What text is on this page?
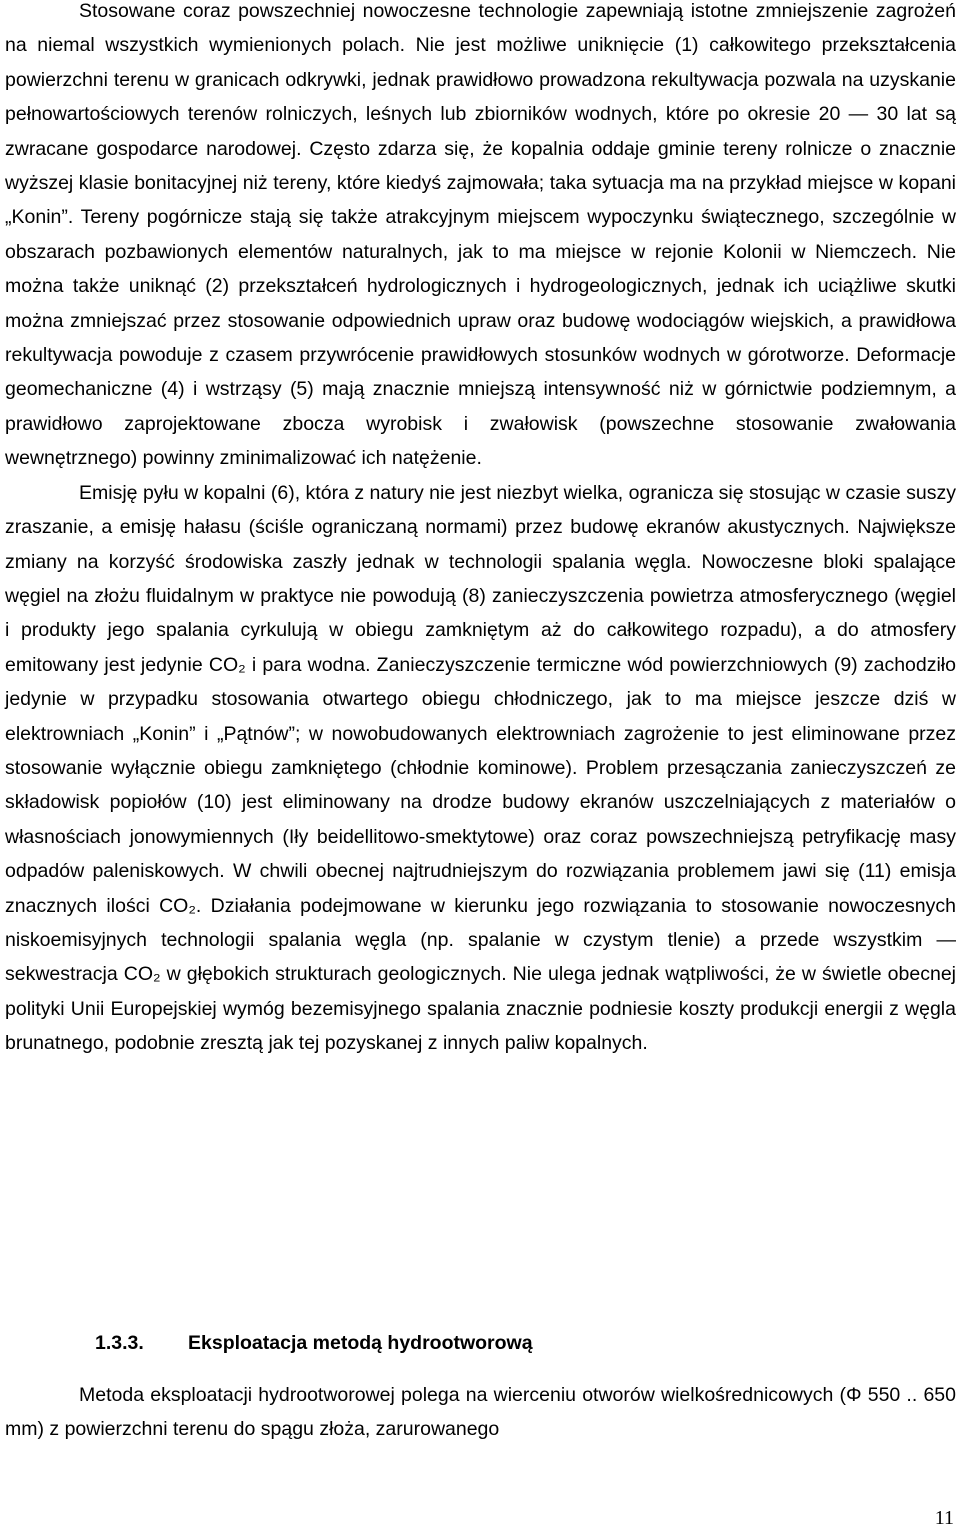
Stosowane coraz powszechniej nowoczesne technologie zapewniają istotne zmniejszenie zagrożeń na niemal wszystkich wymienionych polach. Nie jest możliwe uniknięcie (1) całkowitego przekształcenia powierzchni terenu w granicach odkrywki, jednak prawidłowo prowadzona rekultywacja pozwala na uzyskanie pełnowartościowych terenów rolniczych, leśnych lub zbiorników wodnych, które po okresie 20 — 30 lat są zwracane gospodarce narodowej. Często zdarza się, że kopalnia oddaje gminie tereny rolnicze o znacznie wyższej klasie bonitacyjnej niż tereny, które kiedyś zajmowała; taka sytuacja ma na przykład miejsce w kopani „Konin”. Tereny pogórnicze stają się także atrakcyjnym miejscem wypoczynku świątecznego, szczególnie w obszarach pozbawionych elementów naturalnych, jak to ma miejsce w rejonie Kolonii w Niemczech. Nie można także uniknąć (2) przekształceń hydrologicznych i hydrogeologicznych, jednak ich uciążliwe skutki można zmniejszać przez stosowanie odpowiednich upraw oraz budowę wodociągów wiejskich, a prawidłowa rekultywacja powoduje z czasem przywrócenie prawidłowych stosunków wodnych w górotworze. Deformacje geomechaniczne (4) i wstrząsy (5) mają znacznie mniejszą intensywność niż w górnictwie podziemnym, a prawidłowo zaprojektowane zbocza wyrobisk i zwałowisk (powszechne stosowanie zwałowania wewnętrznego) powinny zminimalizować ich natężenie.

Emisję pyłu w kopalni (6), która z natury nie jest niezbyt wielka, ogranicza się stosując w czasie suszy zraszanie, a emisję hałasu (ściśle ograniczaną normami) przez budowę ekranów akustycznych. Największe zmiany na korzyść środowiska zaszły jednak w technologii spalania węgla. Nowoczesne bloki spalające węgiel na złożu fluidalnym w praktyce nie powodują (8) zanieczyszczenia powietrza atmosferycznego (węgiel i produkty jego spalania cyrkulują w obiegu zamkniętym aż do całkowitego rozpadu), a do atmosfery emitowany jest jedynie CO₂ i para wodna. Zanieczyszczenie termiczne wód powierzchniowych (9) zachodziło jedynie w przypadku stosowania otwartego obiegu chłodniczego, jak to ma miejsce jeszcze dziś w elektrowniach „Konin” i „Pątnów”; w nowobudowanych elektrowniach zagrożenie to jest eliminowane przez stosowanie wyłącznie obiegu zamkniętego (chłodnie kominowe). Problem przesączania zanieczyszczeń ze składowisk popiołów (10) jest eliminowany na drodze budowy ekranów uszczelniających z materiałów o własnościach jonowymiennych (Iły beidellitowo-smektytowe) oraz coraz powszechniejszą petryfikację masy odpadów paleniskowych. W chwili obecnej najtrudniejszym do rozwiązania problemem jawi się (11) emisja znacznych ilości CO₂. Działania podejmowane w kierunku jego rozwiązania to stosowanie nowoczesnych niskoemisyjnych technologii spalania węgla (np. spalanie w czystym tlenie) a przede wszystkim — sekwestracja CO₂ w głębokich strukturach geologicznych. Nie ulega jednak wątpliwości, że w świetle obecnej polityki Unii Europejskiej wymóg bezemisyjnego spalania znacznie podniesie koszty produkcji energii z węgla brunatnego, podobnie zresztą jak tej pozyskanej z innych paliw kopalnych.

1.3.3. Eksploatacja metodą hydrootworową

Metoda eksploatacji hydrootworowej polega na wierceniu otworów wielkośrednicowych (Φ 550 .. 650 mm) z powierzchni terenu do spągu złoża, zarurowanego

11
